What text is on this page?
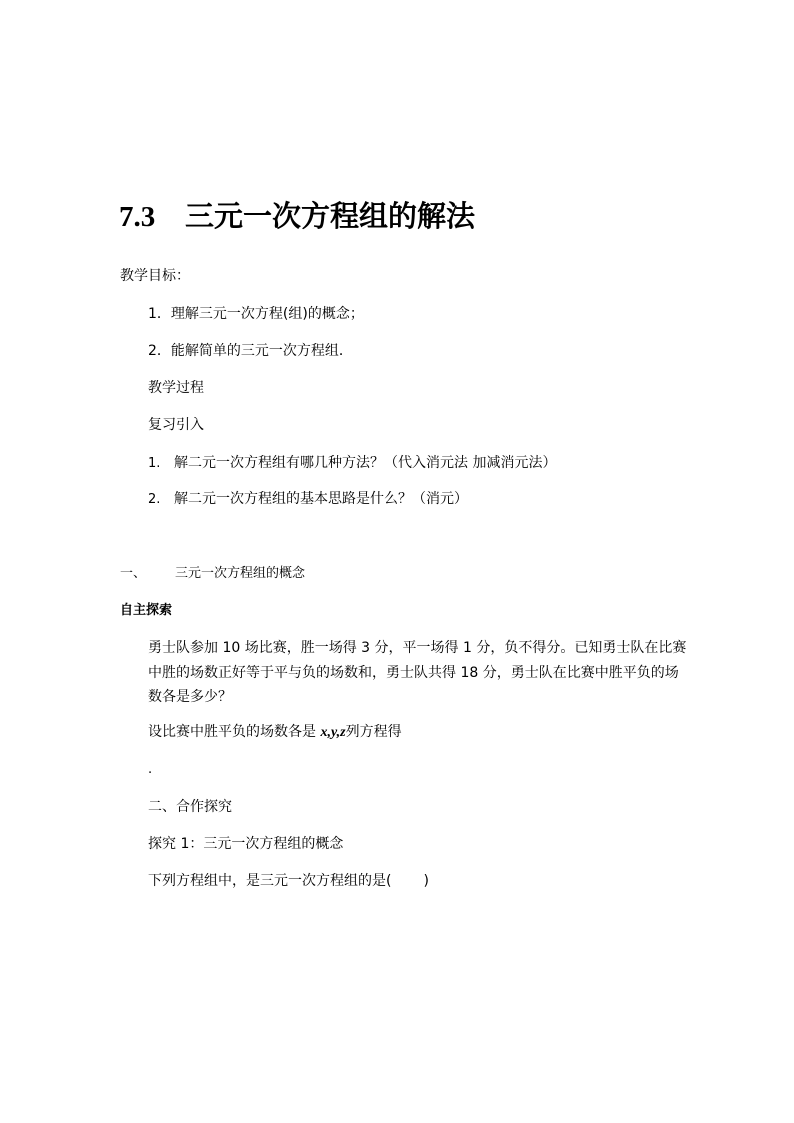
7.3 三元一次方程组的解法
教学目标：
1．理解三元一次方程(组)的概念；
2．能解简单的三元一次方程组．
教学过程
复习引入
1. 解二元一次方程组有哪几种方法？（代入消元法 加减消元法）
2. 解二元一次方程组的基本思路是什么？（消元）
一、 三元一次方程组的概念
自主探索
勇士队参加 10 场比赛，胜一场得 3 分，平一场得 1 分，负不得分。已知勇士队在比赛中胜的场数正好等于平与负的场数和，勇士队共得 18 分，勇士队在比赛中胜平负的场数各是多少？
设比赛中胜平负的场数各是 x,y,z列方程得
.
二、合作探究
探究 1：三元一次方程组的概念
下列方程组中，是三元一次方程组的是( )
